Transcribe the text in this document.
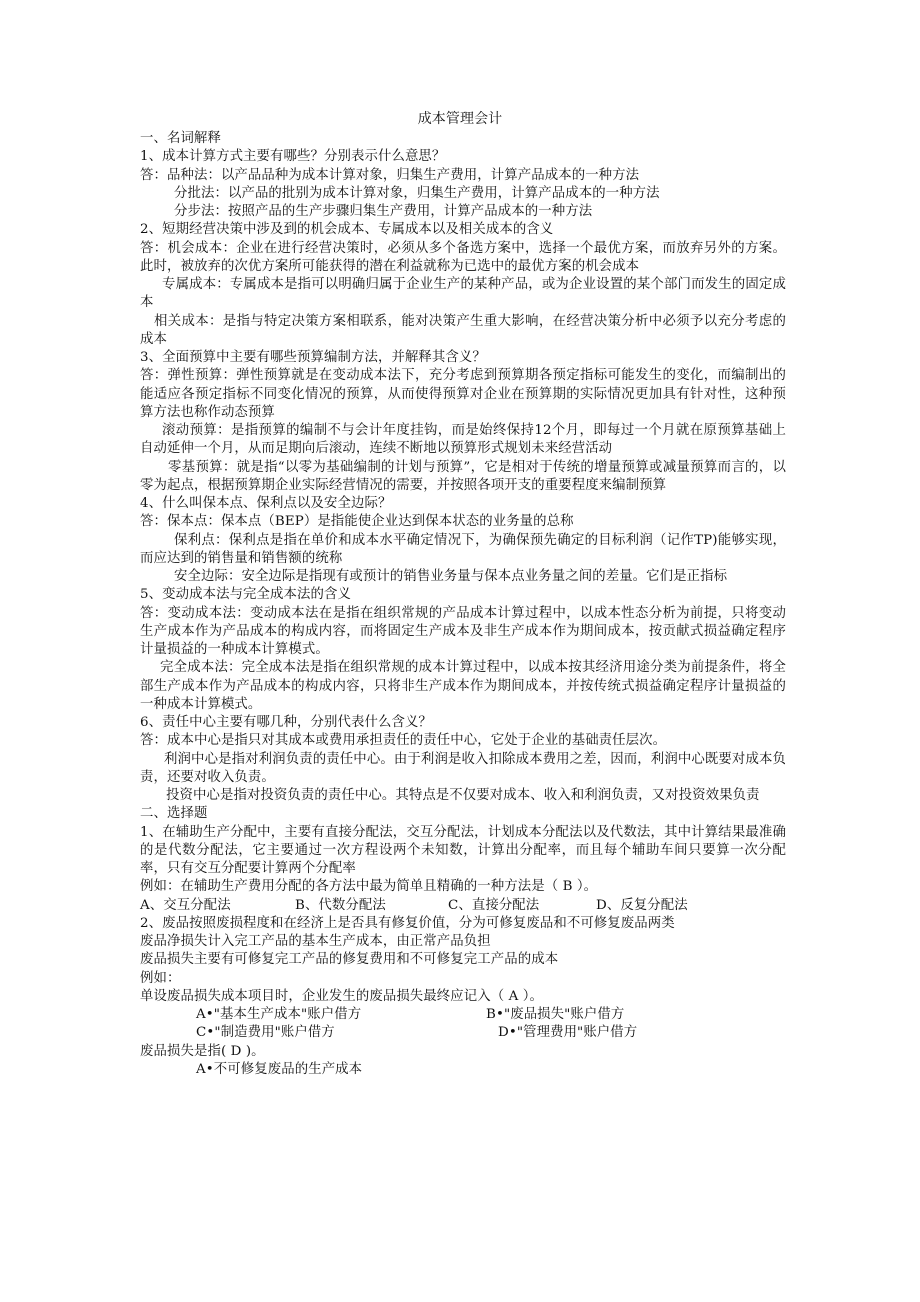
成本管理会计
一、名词解释
1、成本计算方式主要有哪些？分别表示什么意思？
答：品种法：以产品品种为成本计算对象，归集生产费用，计算产品成本的一种方法
分批法：以产品的批别为成本计算对象，归集生产费用，计算产品成本的一种方法
分步法：按照产品的生产步骤归集生产费用，计算产品成本的一种方法
2、短期经营决策中涉及到的机会成本、专属成本以及相关成本的含义
答：机会成本：企业在进行经营决策时，必须从多个备选方案中，选择一个最优方案，而放弃另外的方案。此时，被放弃的次优方案所可能获得的潜在利益就称为已选中的最优方案的机会成本
专属成本：专属成本是指可以明确归属于企业生产的某种产品，或为企业设置的某个部门而发生的固定成本
相关成本：是指与特定决策方案相联系，能对决策产生重大影响，在经营决策分析中必须予以充分考虑的成本
3、全面预算中主要有哪些预算编制方法，并解释其含义？
答：弹性预算：弹性预算就是在变动成本法下，充分考虑到预算期各预定指标可能发生的变化，而编制出的能适应各预定指标不同变化情况的预算，从而使得预算对企业在预算期的实际情况更加具有针对性，这种预算方法也称作动态预算
滚动预算：是指预算的编制不与会计年度挂钩，而是始终保持12个月，即每过一个月就在原预算基础上自动延伸一个月，从而足期向后滚动，连续不断地以预算形式规划未来经营活动
零基预算：就是指“以零为基础编制的计划与预算”，它是相对于传统的增量预算或减量预算而言的，以零为起点，根据预算期企业实际经营情况的需要，并按照各项开支的重要程度来编制预算
4、什么叫保本点、保利点以及安全边际？
答：保本点：保本点（BEP）是指能使企业达到保本状态的业务量的总称
保利点：保利点是指在单价和成本水平确定情况下，为确保预先确定的目标利润（记作TP)能够实现，而应达到的销售量和销售额的统称
安全边际：安全边际是指现有或预计的销售业务量与保本点业务量之间的差量。它们是正指标
5、变动成本法与完全成本法的含义
答：变动成本法：变动成本法在是指在组织常规的产品成本计算过程中，以成本性态分析为前提，只将变动生产成本作为产品成本的构成内容，而将固定生产成本及非生产成本作为期间成本，按贡献式损益确定程序计量损益的一种成本计算模式。
完全成本法：完全成本法是指在组织常规的成本计算过程中，以成本按其经济用途分类为前提条件，将全部生产成本作为产品成本的构成内容，只将非生产成本作为期间成本，并按传统式损益确定程序计量损益的一种成本计算模式。
6、责任中心主要有哪几种，分别代表什么含义？
答：成本中心是指只对其成本或费用承担责任的责任中心，它处于企业的基础责任层次。
利润中心是指对利润负责的责任中心。由于利润是收入扣除成本费用之差，因而，利润中心既要对成本负责，还要对收入负责。
投资中心是指对投资负责的责任中心。其特点是不仅要对成本、收入和利润负责，又对投资效果负责
二、选择题
1、在辅助生产分配中，主要有直接分配法，交互分配法，计划成本分配法以及代数法，其中计算结果最准确的是代数分配法，它主要通过一次方程设两个未知数，计算出分配率，而且每个辅助车间只要算一次分配率，只有交互分配要计算两个分配率
例如：在辅助生产费用分配的各方法中最为简单且精确的一种方法是（ B ）。
A、交互分配法	B、代数分配法	C、直接分配法	D、反复分配法
2、废品按照废损程度和在经济上是否具有修复价值，分为可修复废品和不可修复废品两类
废品净损失计入完工产品的基本生产成本，由正常产品负担
废品损失主要有可修复完工产品的修复费用和不可修复完工产品的成本
例如：
单设废品损失成本项目时，企业发生的废品损失最终应记入（ A ）。
A•"基本生产成本"账户借方	B•"废品损失"账户借方
C•"制造费用"账户借方	D•"管理费用"账户借方
废品损失是指( D )。
A•不可修复废品的生产成本
